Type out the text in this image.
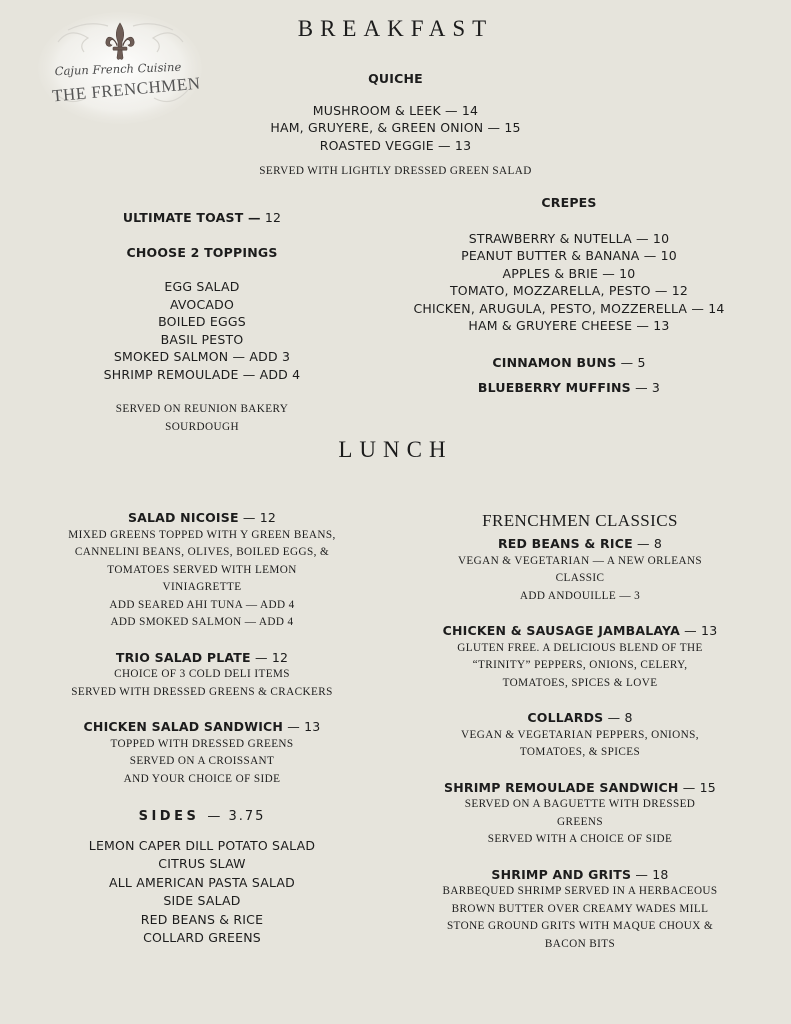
Cajun French Cuisine
THE FRENCHMEN
BREAKFAST
QUICHE
MUSHROOM & LEEK — 14
HAM, GRUYERE, & GREEN ONION — 15
ROASTED VEGGIE — 13
SERVED WITH LIGHTLY DRESSED GREEN SALAD
ULTIMATE TOAST — 12
CHOOSE 2 TOPPINGS
EGG SALAD
AVOCADO
BOILED EGGS
BASIL PESTO
SMOKED SALMON — ADD 3
SHRIMP REMOULADE — ADD 4
SERVED ON REUNION BAKERY
SOURDOUGH
CREPES
STRAWBERRY & NUTELLA — 10
PEANUT BUTTER & BANANA — 10
APPLES & BRIE — 10
TOMATO, MOZZARELLA, PESTO — 12
CHICKEN, ARUGULA, PESTO, MOZZERELLA — 14
HAM & GRUYERE CHEESE — 13
CINNAMON BUNS — 5
BLUEBERRY MUFFINS — 3
LUNCH
SALAD NICOISE — 12
MIXED GREENS TOPPED WITH Y GREEN BEANS,
CANNELINI BEANS, OLIVES, BOILED EGGS, &
TOMATOES SERVED WITH LEMON
VINIAGRETTE
ADD SEARED AHI TUNA — ADD 4
ADD SMOKED SALMON — ADD 4
TRIO SALAD PLATE — 12
CHOICE OF 3 COLD DELI ITEMS
SERVED WITH DRESSED GREENS & CRACKERS
CHICKEN SALAD SANDWICH — 13
TOPPED WITH DRESSED GREENS
SERVED ON A CROISSANT
AND YOUR CHOICE OF SIDE
SIDES — 3.75
LEMON CAPER DILL POTATO SALAD
CITRUS SLAW
ALL AMERICAN PASTA SALAD
SIDE SALAD
RED BEANS & RICE
COLLARD GREENS
FRENCHMEN CLASSICS
RED BEANS & RICE — 8
VEGAN & VEGETARIAN — A NEW ORLEANS
CLASSIC
ADD ANDOUILLE — 3
CHICKEN & SAUSAGE JAMBALAYA — 13
GLUTEN FREE. A DELICIOUS BLEND OF THE
“TRINITY” PEPPERS, ONIONS, CELERY,
TOMATOES, SPICES & LOVE
COLLARDS — 8
VEGAN & VEGETARIAN PEPPERS, ONIONS,
TOMATOES, & SPICES
SHRIMP REMOULADE SANDWICH — 15
SERVED ON A BAGUETTE WITH DRESSED
GREENS
SERVED WITH A CHOICE OF SIDE
SHRIMP AND GRITS — 18
BARBEQUED SHRIMP SERVED IN A HERBACEOUS
BROWN BUTTER OVER CREAMY WADES MILL
STONE GROUND GRITS WITH MAQUE CHOUX &
BACON BITS
